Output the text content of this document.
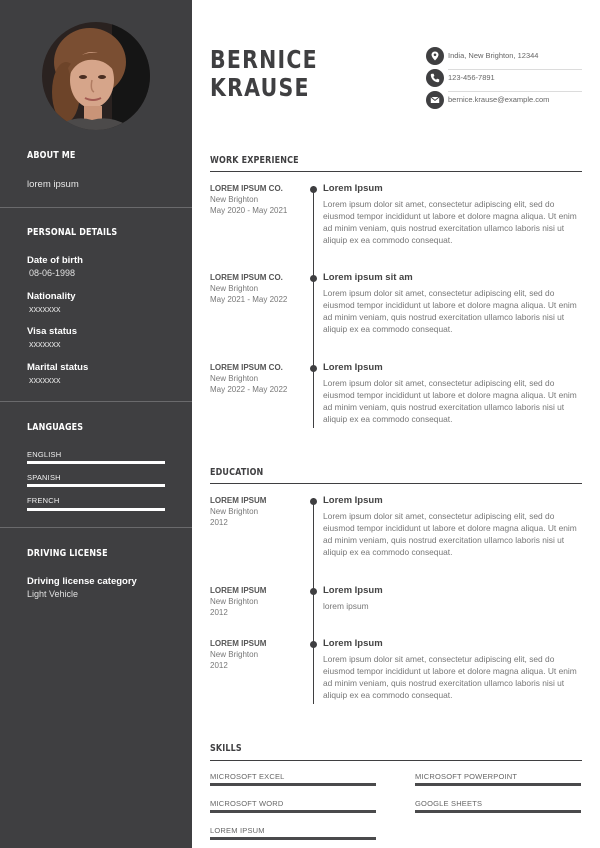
ABOUT ME
lorem ipsum
PERSONAL DETAILS
Date of birth
08-06-1998
Nationality
xxxxxxx
Visa status
xxxxxxx
Marital status
xxxxxxx
LANGUAGES
ENGLISH
SPANISH
FRENCH
DRIVING LICENSE
Driving license category
Light Vehicle
BERNICE
KRAUSE
India, New Brighton, 12344
123-456-7891
bernice.krause@example.com
WORK EXPERIENCE
LOREM IPSUM CO.
New Brighton
May 2020 - May 2021
Lorem Ipsum
Lorem ipsum dolor sit amet, consectetur adipiscing elit, sed do eiusmod tempor incididunt ut labore et dolore magna aliqua. Ut enim ad minim veniam, quis nostrud exercitation ullamco laboris nisi ut aliquip ex ea commodo consequat.
LOREM IPSUM CO.
New Brighton
May 2021 - May 2022
Lorem ipsum sit am
Lorem ipsum dolor sit amet, consectetur adipiscing elit, sed do eiusmod tempor incididunt ut labore et dolore magna aliqua. Ut enim ad minim veniam, quis nostrud exercitation ullamco laboris nisi ut aliquip ex ea commodo consequat.
LOREM IPSUM CO.
New Brighton
May 2022 - May 2022
Lorem Ipsum
Lorem ipsum dolor sit amet, consectetur adipiscing elit, sed do eiusmod tempor incididunt ut labore et dolore magna aliqua. Ut enim ad minim veniam, quis nostrud exercitation ullamco laboris nisi ut aliquip ex ea commodo consequat.
EDUCATION
LOREM IPSUM
New Brighton
2012
Lorem Ipsum
Lorem ipsum dolor sit amet, consectetur adipiscing elit, sed do eiusmod tempor incididunt ut labore et dolore magna aliqua. Ut enim ad minim veniam, quis nostrud exercitation ullamco laboris nisi ut aliquip ex ea commodo consequat.
LOREM IPSUM
New Brighton
2012
Lorem Ipsum
lorem ipsum
LOREM IPSUM
New Brighton
2012
Lorem Ipsum
Lorem ipsum dolor sit amet, consectetur adipiscing elit, sed do eiusmod tempor incididunt ut labore et dolore magna aliqua. Ut enim ad minim veniam, quis nostrud exercitation ullamco laboris nisi ut aliquip ex ea commodo consequat.
SKILLS
MICROSOFT EXCEL	MICROSOFT POWERPOINT
MICROSOFT WORD	GOOGLE SHEETS
LOREM IPSUM
